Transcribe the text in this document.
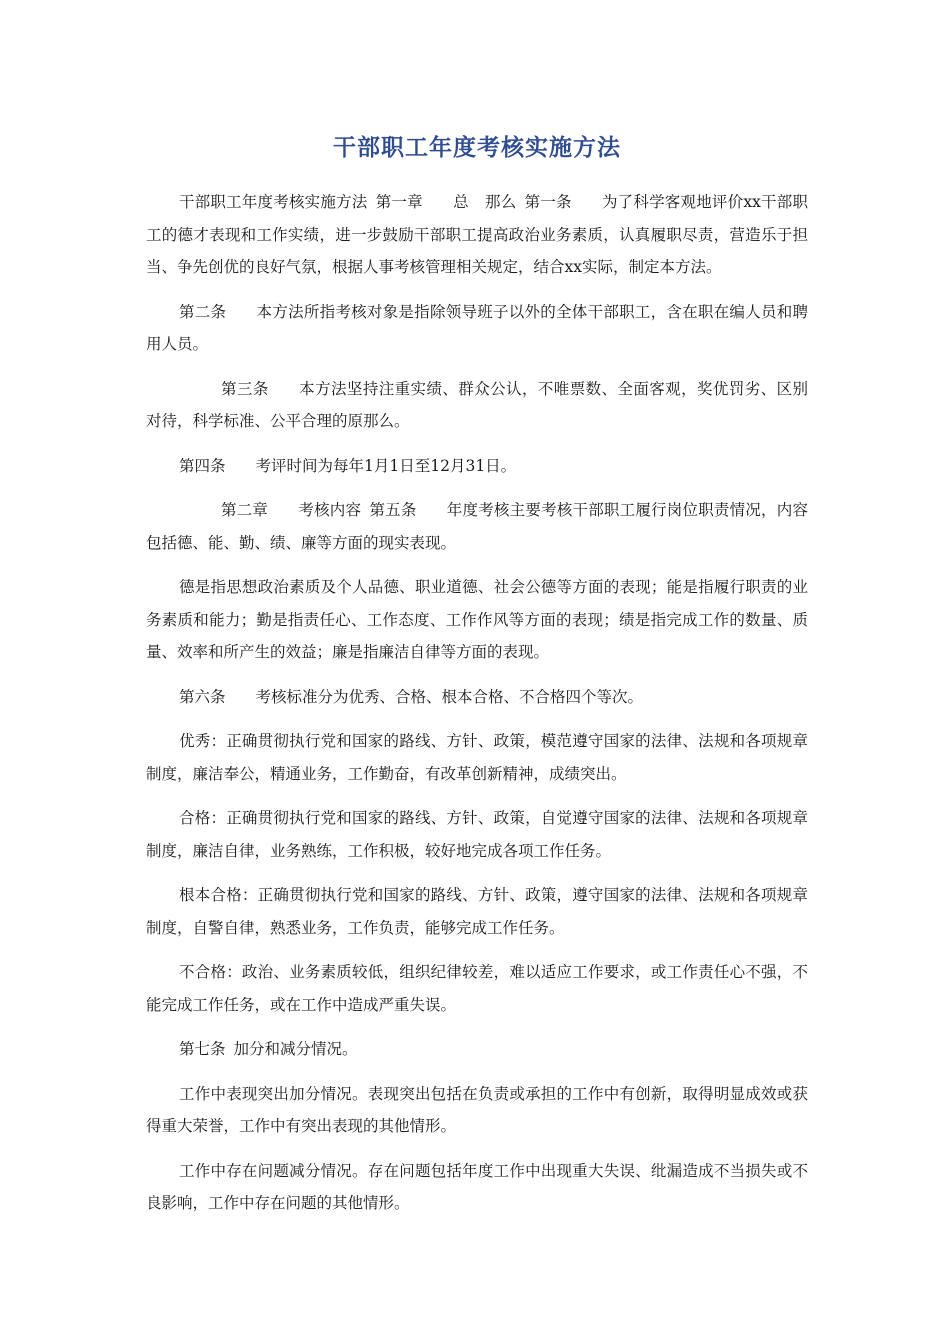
干部职工年度考核实施方法

干部职工年度考核实施方法 第一章 总 那么 第一条 为了科学客观地评价xx干部职工的德才表现和工作实绩，进一步鼓励干部职工提高政治业务素质，认真履职尽责，营造乐于担当、争先创优的良好气氛，根据人事考核管理相关规定，结合xx实际，制定本方法。

第二条 本方法所指考核对象是指除领导班子以外的全体干部职工，含在职在编人员和聘用人员。

第三条 本方法坚持注重实绩、群众公认，不唯票数、全面客观，奖优罚劣、区别对待，科学标准、公平合理的原那么。

第四条 考评时间为每年1月1日至12月31日。

第二章 考核内容 第五条 年度考核主要考核干部职工履行岗位职责情况，内容包括德、能、勤、绩、廉等方面的现实表现。

德是指思想政治素质及个人品德、职业道德、社会公德等方面的表现；能是指履行职责的业务素质和能力；勤是指责任心、工作态度、工作作风等方面的表现；绩是指完成工作的数量、质量、效率和所产生的效益；廉是指廉洁自律等方面的表现。

第六条 考核标准分为优秀、合格、根本合格、不合格四个等次。

优秀：正确贯彻执行党和国家的路线、方针、政策，模范遵守国家的法律、法规和各项规章制度，廉洁奉公，精通业务，工作勤奋，有改革创新精神，成绩突出。

合格：正确贯彻执行党和国家的路线、方针、政策，自觉遵守国家的法律、法规和各项规章制度，廉洁自律，业务熟练，工作积极，较好地完成各项工作任务。

根本合格：正确贯彻执行党和国家的路线、方针、政策，遵守国家的法律、法规和各项规章制度，自警自律，熟悉业务，工作负责，能够完成工作任务。

不合格：政治、业务素质较低，组织纪律较差，难以适应工作要求，或工作责任心不强，不能完成工作任务，或在工作中造成严重失误。

第七条 加分和减分情况。

工作中表现突出加分情况。表现突出包括在负责或承担的工作中有创新，取得明显成效或获得重大荣誉，工作中有突出表现的其他情形。

工作中存在问题减分情况。存在问题包括年度工作中出现重大失误、纰漏造成不当损失或不良影响，工作中存在问题的其他情形。
